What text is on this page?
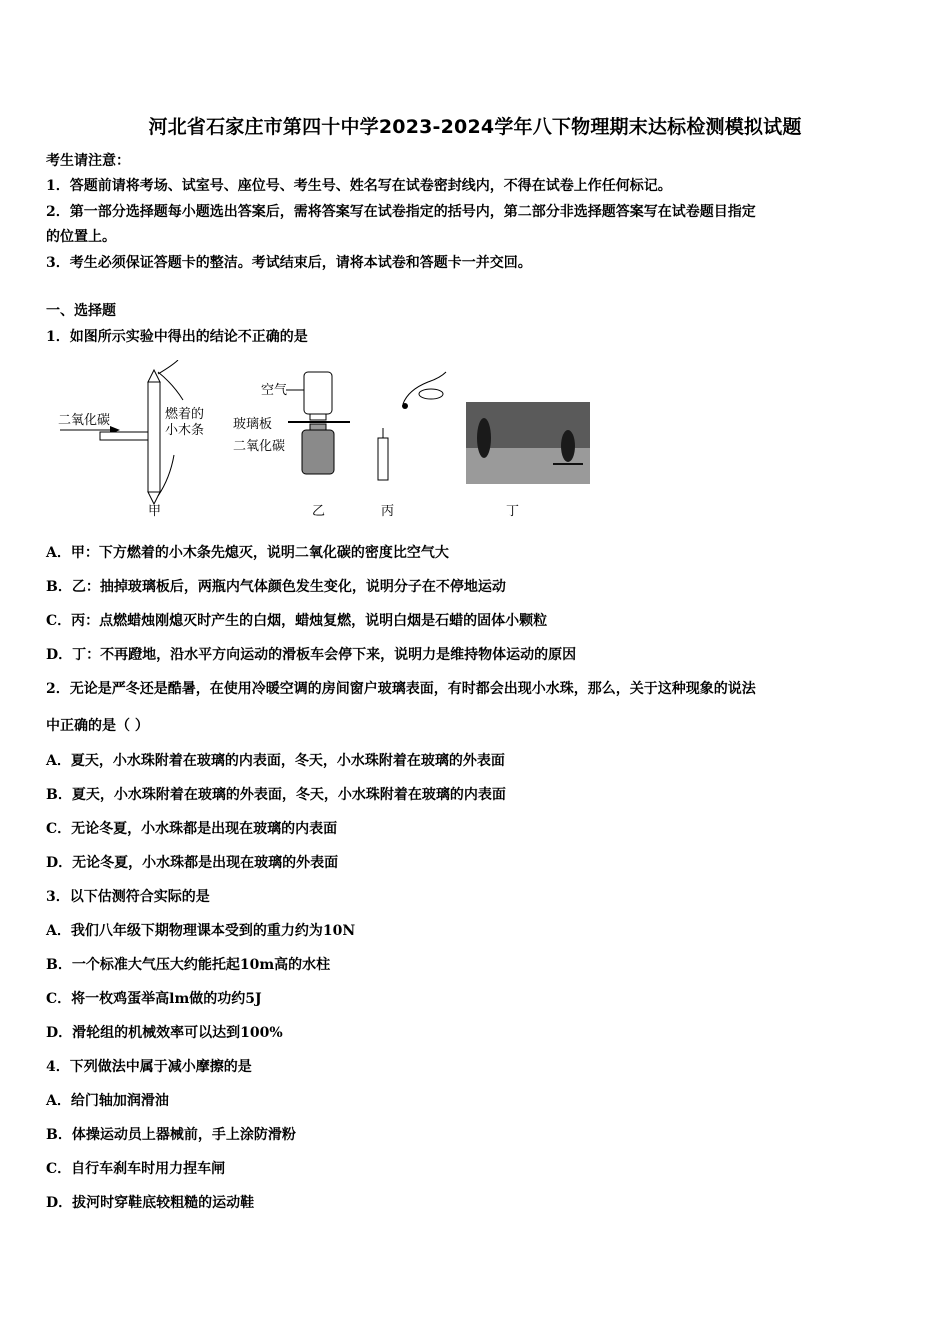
河北省石家庄市第四十中学2023-2024学年八下物理期末达标检测模拟试题
考生请注意：
1．答题前请将考场、试室号、座位号、考生号、姓名写在试卷密封线内，不得在试卷上作任何标记。
2．第一部分选择题每小题选出答案后，需将答案写在试卷指定的括号内，第二部分非选择题答案写在试卷题目指定
的位置上。
3．考生必须保证答题卡的整洁。考试结束后，请将本试卷和答题卡一并交回。
一、选择题
1．如图所示实验中得出的结论不正确的是
二氧化碳	燃着的
小木条
甲
空气
玻璃板
二氧化碳
乙	丙	丁
A．甲：下方燃着的小木条先熄灭，说明二氧化碳的密度比空气大
B．乙：抽掉玻璃板后，两瓶内气体颜色发生变化，说明分子在不停地运动
C．丙：点燃蜡烛刚熄灭时产生的白烟，蜡烛复燃，说明白烟是石蜡的固体小颗粒
D．丁：不再蹬地，沿水平方向运动的滑板车会停下来，说明力是维持物体运动的原因
2．无论是严冬还是酷暑，在使用冷暖空调的房间窗户玻璃表面，有时都会出现小水珠，那么，关于这种现象的说法
中正确的是（ ）
A．夏天，小水珠附着在玻璃的内表面，冬天，小水珠附着在玻璃的外表面
B．夏天，小水珠附着在玻璃的外表面，冬天，小水珠附着在玻璃的内表面
C．无论冬夏，小水珠都是出现在玻璃的内表面
D．无论冬夏，小水珠都是出现在玻璃的外表面
3．以下估测符合实际的是
A．我们八年级下期物理课本受到的重力约为10N
B．一个标准大气压大约能托起10m高的水柱
C．将一枚鸡蛋举高lm做的功约5J
D．滑轮组的机械效率可以达到100%
4．下列做法中属于减小摩擦的是
A．给门轴加润滑油
B．体操运动员上器械前，手上涂防滑粉
C．自行车刹车时用力捏车闸
D．拔河时穿鞋底较粗糙的运动鞋
